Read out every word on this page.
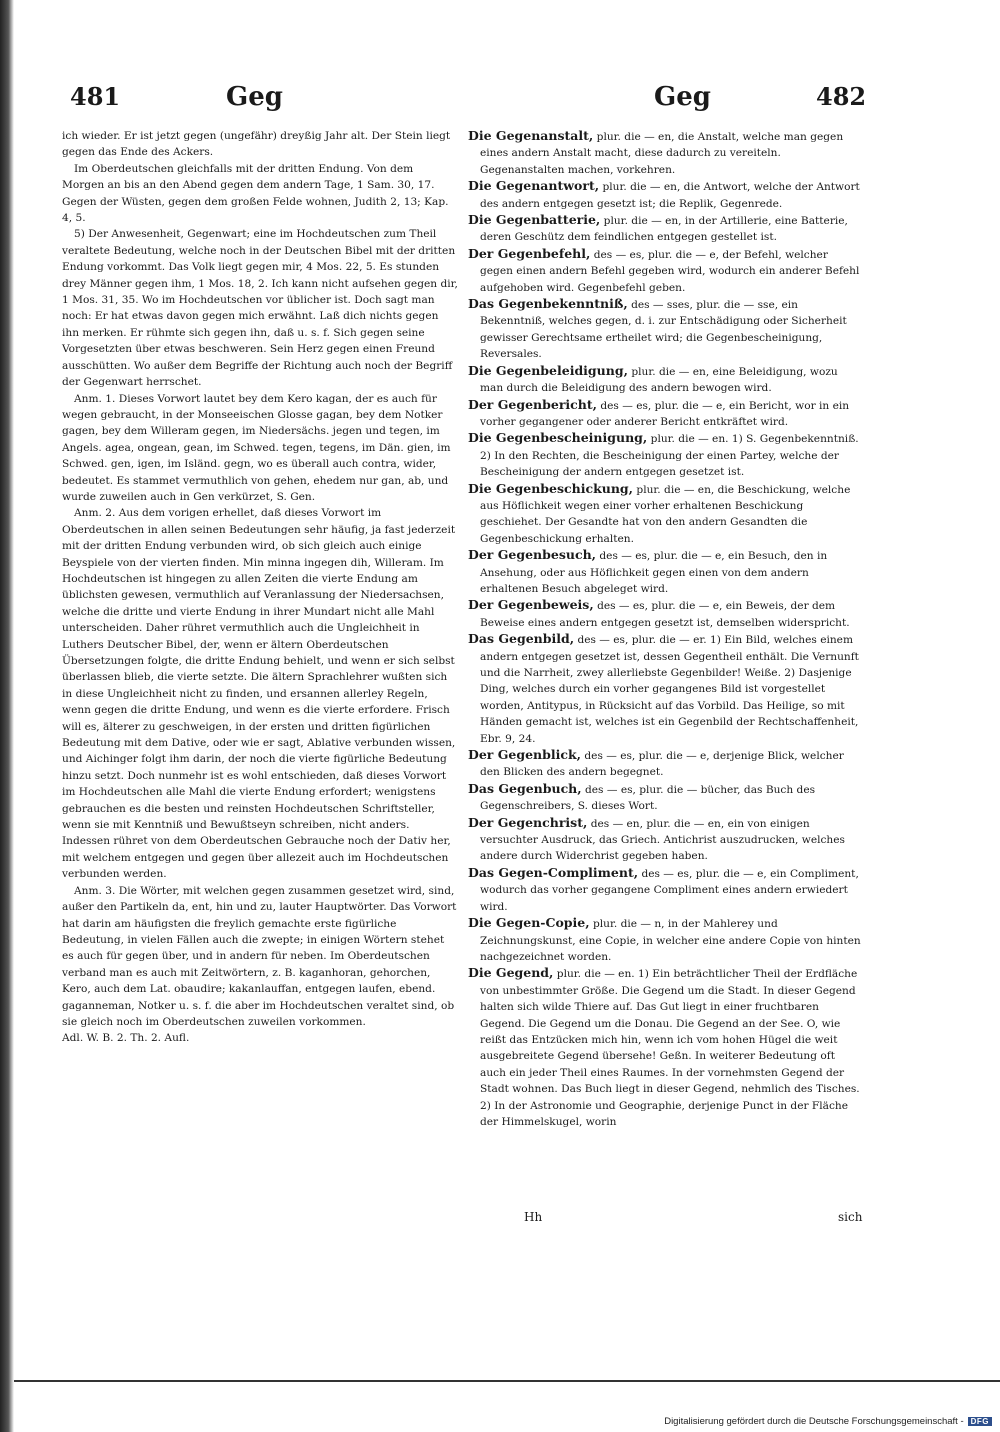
481	Geg	Geg	482

ich wieder. Er ist jetzt gegen (ungefähr) dreyßig Jahr alt. Der Stein liegt gegen das Ende des Ackers.

Im Oberdeutschen gleichfalls mit der dritten Endung. Von dem Morgen an bis an den Abend gegen dem andern Tage, 1 Sam. 30, 17. Gegen der Wüsten, gegen dem großen Felde wohnen, Judith 2, 13; Kap. 4, 5.

5) Der Anwesenheit, Gegenwart; eine im Hochdeutschen zum Theil veraltete Bedeutung, welche noch in der Deutschen Bibel mit der dritten Endung vorkommt. Das Volk liegt gegen mir, 4 Mos. 22, 5. Es stunden drey Männer gegen ihm, 1 Mos. 18, 2. Ich kann nicht aufsehen gegen dir, 1 Mos. 31, 35. Wo im Hochdeutschen vor üblicher ist. Doch sagt man noch: Er hat etwas davon gegen mich erwähnt. Laß dich nichts gegen ihn merken. Er rühmte sich gegen ihn, daß u. s. f. Sich gegen seine Vorgesetzten über etwas beschweren. Sein Herz gegen einen Freund ausschütten. Wo außer dem Begriffe der Richtung auch noch der Begriff der Gegenwart herrschet.

Anm. 1. Dieses Vorwort lautet bey dem Kero kagan, der es auch für wegen gebraucht, in der Monseeischen Glosse gagan, bey dem Notker gagen, bey dem Willeram gegen, im Niedersächs. jegen und tegen, im Angels. agea, ongean, gean, im Schwed. tegen, tegens, im Dän. gien, im Schwed. gen, igen, im Isländ. gegn, wo es überall auch contra, wider, bedeutet. Es stammet vermuthlich von gehen, ehedem nur gan, ab, und wurde zuweilen auch in Gen verkürzet, S. Gen.

Anm. 2. Aus dem vorigen erhellet, daß dieses Vorwort im Oberdeutschen in allen seinen Bedeutungen sehr häufig, ja fast jederzeit mit der dritten Endung verbunden wird, ob sich gleich auch einige Beyspiele von der vierten finden. Min minna ingegen dih, Willeram. Im Hochdeutschen ist hingegen zu allen Zeiten die vierte Endung am üblichsten gewesen, vermuthlich auf Veranlassung der Niedersachsen, welche die dritte und vierte Endung in ihrer Mundart nicht alle Mahl unterscheiden. Daher rühret vermuthlich auch die Ungleichheit in Luthers Deutscher Bibel, der, wenn er ältern Oberdeutschen Übersetzungen folgte, die dritte Endung behielt, und wenn er sich selbst überlassen blieb, die vierte setzte. Die ältern Sprachlehrer wußten sich in diese Ungleichheit nicht zu finden, und ersannen allerley Regeln, wenn gegen die dritte Endung, und wenn es die vierte erfordere. Frisch will es, älterer zu geschweigen, in der ersten und dritten figürlichen Bedeutung mit dem Dative, oder wie er sagt, Ablative verbunden wissen, und Aichinger folgt ihm darin, der noch die vierte figürliche Bedeutung hinzu setzt. Doch nunmehr ist es wohl entschieden, daß dieses Vorwort im Hochdeutschen alle Mahl die vierte Endung erfordert; wenigstens gebrauchen es die besten und reinsten Hochdeutschen Schriftsteller, wenn sie mit Kenntniß und Bewußtseyn schreiben, nicht anders. Indessen rühret von dem Oberdeutschen Gebrauche noch der Dativ her, mit welchem entgegen und gegen über allezeit auch im Hochdeutschen verbunden werden.

Anm. 3. Die Wörter, mit welchen gegen zusammen gesetzet wird, sind, außer den Partikeln da, ent, hin und zu, lauter Hauptwörter. Das Vorwort hat darin am häufigsten die freylich gemachte erste figürliche Bedeutung, in vielen Fällen auch die zwepte; in einigen Wörtern stehet es auch für gegen über, und in andern für neben. Im Oberdeutschen verband man es auch mit Zeitwörtern, z. B. kaganhoran, gehorchen, Kero, auch dem Lat. obaudire; kakanlauffan, entgegen laufen, ebend. gaganneman, Notker u. s. f. die aber im Hochdeutschen veraltet sind, ob sie gleich noch im Oberdeutschen zuweilen vorkommen.

Adl. W. B. 2. Th. 2. Aufl.

Die Gegenanstalt, plur. die — en, die Anstalt, welche man gegen eines andern Anstalt macht, diese dadurch zu vereiteln. Gegenanstalten machen, vorkehren.

Die Gegenantwort, plur. die — en, die Antwort, welche der Antwort des andern entgegen gesetzt ist; die Replik, Gegenrede.

Die Gegenbatterie, plur. die — en, in der Artillerie, eine Batterie, deren Geschütz dem feindlichen entgegen gestellet ist.

Der Gegenbefehl, des — es, plur. die — e, der Befehl, welcher gegen einen andern Befehl gegeben wird, wodurch ein anderer Befehl aufgehoben wird. Gegenbefehl geben.

Das Gegenbekenntniß, des — sses, plur. die — sse, ein Bekenntniß, welches gegen, d. i. zur Entschädigung oder Sicherheit gewisser Gerechtsame ertheilet wird; die Gegenbescheinigung, Reversales.

Die Gegenbeleidigung, plur. die — en, eine Beleidigung, wozu man durch die Beleidigung des andern bewogen wird.

Der Gegenbericht, des — es, plur. die — e, ein Bericht, wor in ein vorher gegangener oder anderer Bericht entkräftet wird.

Die Gegenbescheinigung, plur. die — en. 1) S. Gegenbekenntniß. 2) In den Rechten, die Bescheinigung der einen Partey, welche der Bescheinigung der andern entgegen gesetzet ist.

Die Gegenbeschickung, plur. die — en, die Beschickung, welche aus Höflichkeit wegen einer vorher erhaltenen Beschickung geschiehet. Der Gesandte hat von den andern Gesandten die Gegenbeschickung erhalten.

Der Gegenbesuch, des — es, plur. die — e, ein Besuch, den in Ansehung, oder aus Höflichkeit gegen einen von dem andern erhaltenen Besuch abgeleget wird.

Der Gegenbeweis, des — es, plur. die — e, ein Beweis, der dem Beweise eines andern entgegen gesetzt ist, demselben widerspricht.

Das Gegenbild, des — es, plur. die — er. 1) Ein Bild, welches einem andern entgegen gesetzet ist, dessen Gegentheil enthält. Die Vernunft und die Narrheit, zwey allerliebste Gegenbilder! Weiße. 2) Dasjenige Ding, welches durch ein vorher gegangenes Bild ist vorgestellet worden, Antitypus, in Rücksicht auf das Vorbild. Das Heilige, so mit Händen gemacht ist, welches ist ein Gegenbild der Rechtschaffenheit, Ebr. 9, 24.

Der Gegenblick, des — es, plur. die — e, derjenige Blick, welcher den Blicken des andern begegnet.

Das Gegenbuch, des — es, plur. die — bücher, das Buch des Gegenschreibers, S. dieses Wort.

Der Gegenchrist, des — en, plur. die — en, ein von einigen versuchter Ausdruck, das Griech. Antichrist auszudrucken, welches andere durch Widerchrist gegeben haben.

Das Gegen-Compliment, des — es, plur. die — e, ein Compliment, wodurch das vorher gegangene Compliment eines andern erwiedert wird.

Die Gegen-Copie, plur. die — n, in der Mahlerey und Zeichnungskunst, eine Copie, in welcher eine andere Copie von hinten nachgezeichnet worden.

Die Gegend, plur. die — en. 1) Ein beträchtlicher Theil der Erdfläche von unbestimmter Größe. Die Gegend um die Stadt. In dieser Gegend halten sich wilde Thiere auf. Das Gut liegt in einer fruchtbaren Gegend. Die Gegend um die Donau. Die Gegend an der See. O, wie reißt das Entzücken mich hin, wenn ich vom hohen Hügel die weit ausgebreitete Gegend übersehe! Geßn. In weiterer Bedeutung oft auch ein jeder Theil eines Raumes. In der vornehmsten Gegend der Stadt wohnen. Das Buch liegt in dieser Gegend, nehmlich des Tisches. 2) In der Astronomie und Geographie, derjenige Punct in der Fläche der Himmelskugel, worin

Hh	sich
Digitalisierung gefördert durch die Deutsche Forschungsgemeinschaft - DFG
